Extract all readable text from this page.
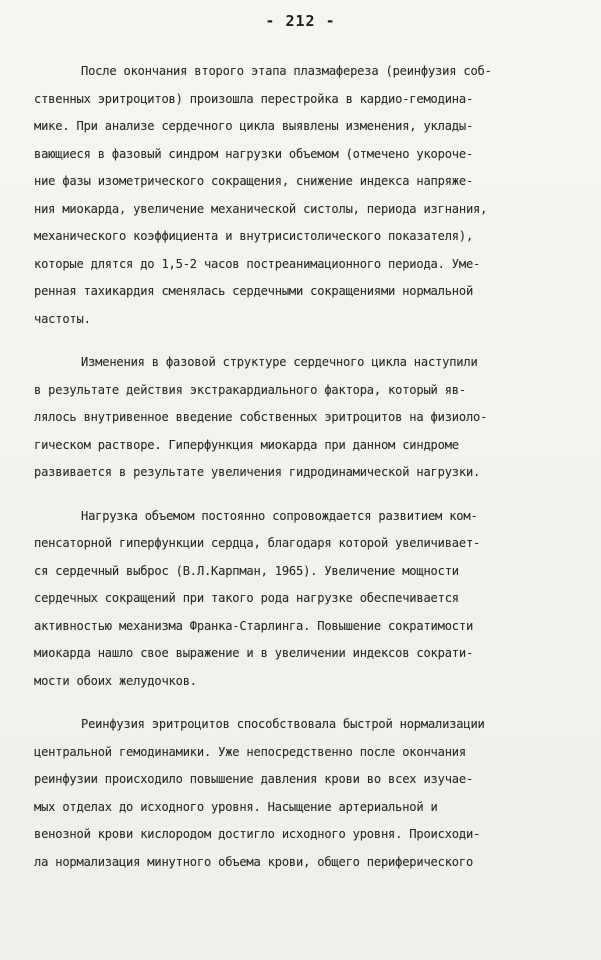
- 212 -
После окончания второго этапа плазмафереза (реинфузия соб-
ственных эритроцитов) произошла перестройка в кардио-гемодина-
мике. При анализе сердечного цикла выявлены изменения, уклады-
вающиеся в фазовый синдром нагрузки объемом (отмечено укороче-
ние фазы изометрического сокращения, снижение индекса напряже-
ния миокарда, увеличение механической систолы, периода изгнания,
механического коэффициента и внутрисистолического показателя),
которые длятся до 1,5-2 часов постреанимационного периода. Уме-
ренная тахикардия сменялась сердечными сокращениями нормальной
частоты.
Изменения в фазовой структуре сердечного цикла наступили
в результате действия экстракардиального фактора, который яв-
лялось внутривенное введение собственных эритроцитов на физиоло-
гическом растворе. Гиперфункция миокарда при данном синдроме
развивается в результате увеличения гидродинамической нагрузки.
Нагрузка объемом постоянно сопровождается развитием ком-
пенсаторной гиперфункции сердца, благодаря которой увеличивает-
ся сердечный выброс (В.Л.Карпман, 1965). Увеличение мощности
сердечных сокращений при такого рода нагрузке обеспечивается
активностью механизма Франка-Старлинга. Повышение сократимости
миокарда нашло свое выражение и в увеличении индексов сократи-
мости обоих желудочков.
Реинфузия эритроцитов способствовала быстрой нормализации
центральной гемодинамики. Уже непосредственно после окончания
реинфузии происходило повышение давления крови во всех изучае-
мых отделах до исходного уровня. Насыщение артериальной и
венозной крови кислородом достигло исходного уровня. Происходи-
ла нормализация минутного объема крови, общего периферического
